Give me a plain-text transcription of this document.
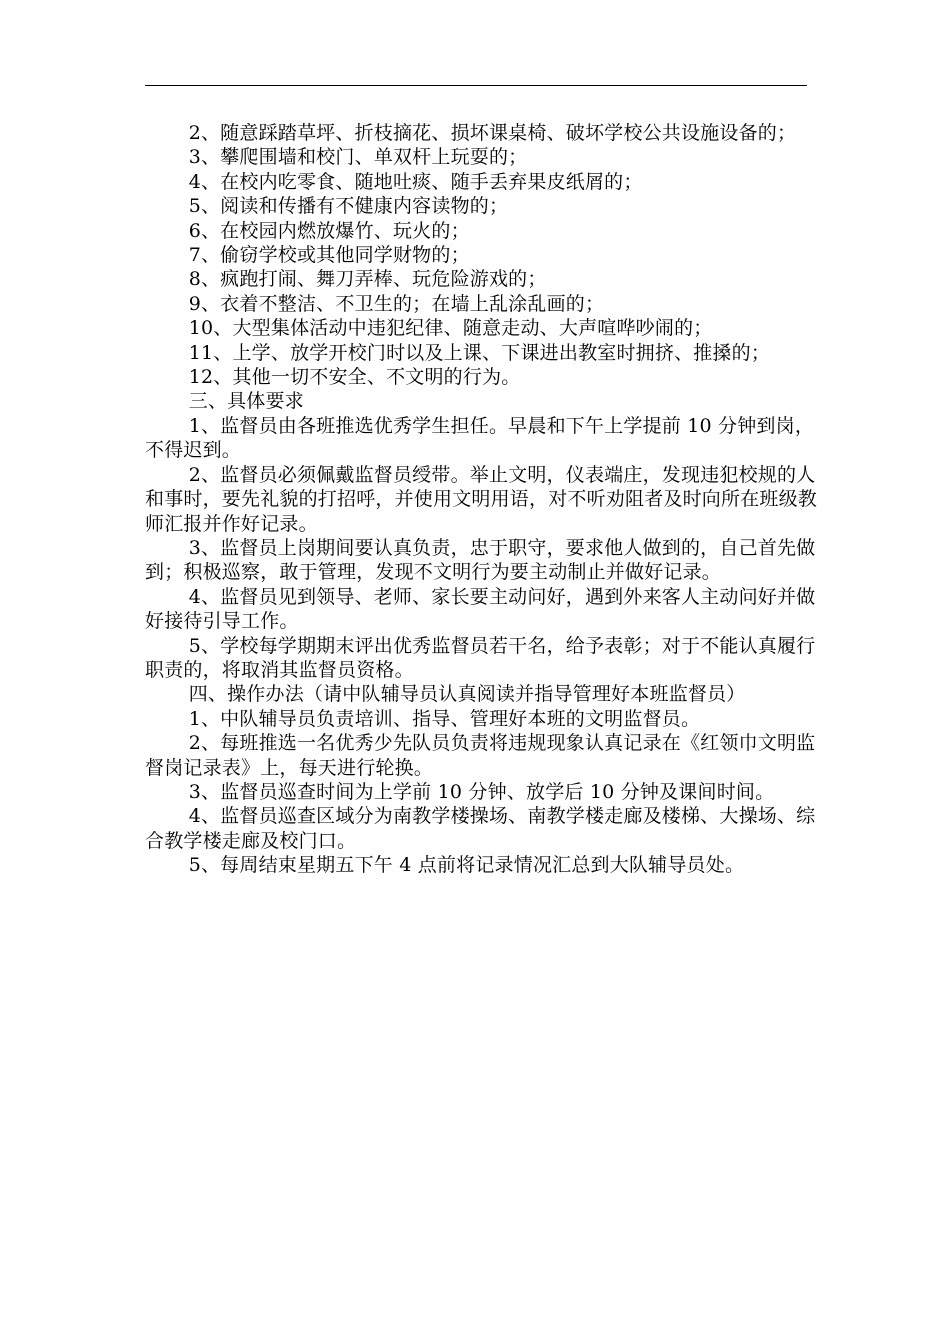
2、随意踩踏草坪、折枝摘花、损坏课桌椅、破坏学校公共设施设备的；

3、攀爬围墙和校门、单双杆上玩耍的；

4、在校内吃零食、随地吐痰、随手丢弃果皮纸屑的；

5、阅读和传播有不健康内容读物的；

6、在校园内燃放爆竹、玩火的；

7、偷窃学校或其他同学财物的；

8、疯跑打闹、舞刀弄棒、玩危险游戏的；

9、衣着不整洁、不卫生的；在墙上乱涂乱画的；

10、大型集体活动中违犯纪律、随意走动、大声喧哗吵闹的；

11、上学、放学开校门时以及上课、下课进出教室时拥挤、推搡的；

12、其他一切不安全、不文明的行为。

三、具体要求

1、监督员由各班推选优秀学生担任。早晨和下午上学提前 10 分钟到岗，不得迟到。

2、监督员必须佩戴监督员绶带。举止文明，仪表端庄，发现违犯校规的人和事时，要先礼貌的打招呼，并使用文明用语，对不听劝阻者及时向所在班级教师汇报并作好记录。

3、监督员上岗期间要认真负责，忠于职守，要求他人做到的，自己首先做到；积极巡察，敢于管理，发现不文明行为要主动制止并做好记录。

4、监督员见到领导、老师、家长要主动问好，遇到外来客人主动问好并做好接待引导工作。

5、学校每学期期末评出优秀监督员若干名，给予表彰；对于不能认真履行职责的，将取消其监督员资格。

四、操作办法（请中队辅导员认真阅读并指导管理好本班监督员）

1、中队辅导员负责培训、指导、管理好本班的文明监督员。

2、每班推选一名优秀少先队员负责将违规现象认真记录在《红领巾文明监督岗记录表》上，每天进行轮换。

3、监督员巡查时间为上学前 10 分钟、放学后 10 分钟及课间时间。

4、监督员巡查区域分为南教学楼操场、南教学楼走廊及楼梯、大操场、综合教学楼走廊及校门口。

5、每周结束星期五下午 4 点前将记录情况汇总到大队辅导员处。
